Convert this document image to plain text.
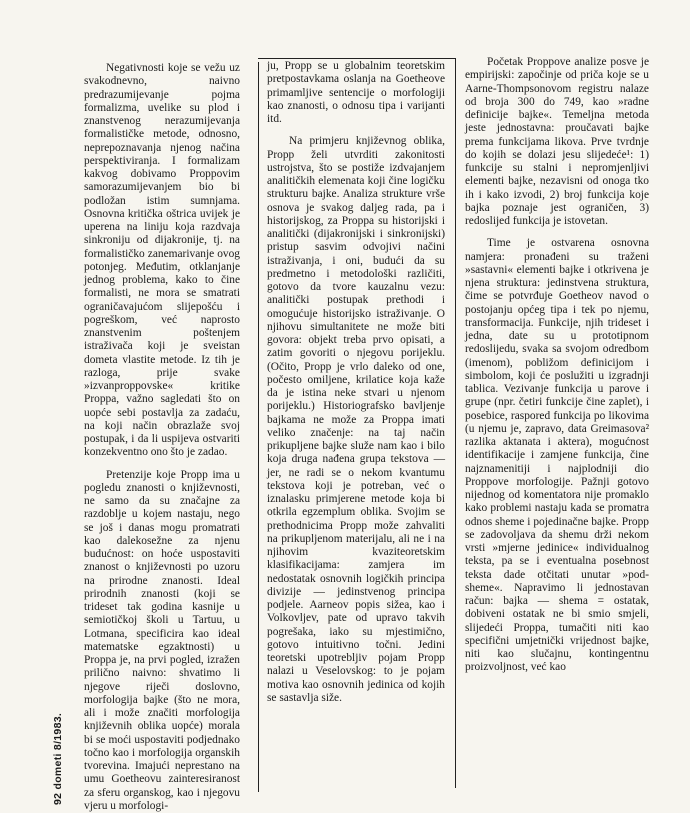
92 dometi 8/1983.

Negativnosti koje se vežu uz svakodnevno, naivno predrazumijevanje pojma formalizma, uvelike su plod i znanstvenog nerazumijevanja formalističke metode, odnosno, neprepoznavanja njenog načina perspektiviranja. I formalizam kakvog dobivamo Proppovim samorazumijevanjem bio bi podložan istim sumnjama. Osnovna kritička oštrica uvijek je uperena na liniju koja razdvaja sinkroniju od dijakronije, tj. na formalističko zanemarivanje ovog potonjeg. Međutim, otklanjanje jednog problema, kako to čine formalisti, ne mora se smatrati ograničavajućom slijepošću i pogreškom, već naprosto znanstvenim poštenjem istraživača koji je sveistan dometa vlastite metode. Iz tih je razloga, prije svake »izvanproppovske« kritike Proppa, važno sagledati što on uopće sebi postavlja za zadaću, na koji način obrazlaže svoj postupak, i da li uspijeva ostvariti konzekventno ono što je zadao.

Pretenzije koje Propp ima u pogledu znanosti o književnosti, ne samo da su značajne za razdoblje u kojem nastaju, nego se još i danas mogu promatrati kao dalekosežne za njenu budućnost: on hoće uspostaviti znanost o književnosti po uzoru na prirodne znanosti. Ideal prirodnih znanosti (koji se trideset tak godina kasnije u semiotičkoj školi u Tartuu, u Lotmana, specificira kao ideal matematske egzaktnosti) u Proppa je, na prvi pogled, izražen prilično naivno: shvatimo li njegove riječi doslovno, morfologija bajke (što ne mora, ali i može značiti morfologija književnih oblika uopće) morala bi se moći uspostaviti podjednako točno kao i morfologija organskih tvorevina. Imajući neprestano na umu Goetheovu zainteresiranost za sferu organskog, kao i njegovu vjeru u morfologi-

ju, Propp se u globalnim teoretskim pretpostavkama oslanja na Goetheove primamljive sentencije o morfologiji kao znanosti, o odnosu tipa i varijanti itd.

Na primjeru književnog oblika, Propp želi utvrditi zakonitosti ustrojstva, što se postiže izdvajanjem analitičkih elemenata koji čine logičku strukturu bajke. Analiza strukture vrše osnova je svakog daljeg rada, pa i historijskog, za Proppa su historijski i analitički (dijakronijski i sinkronijski) pristup sasvim odvojivi načini istraživanja, i oni, budući da su predmetno i metodološki različiti, gotovo da tvore kauzalnu vezu: analitički postupak prethodi i omogućuje historijsko istraživanje. O njihovu simultanitete ne može biti govora: objekt treba prvo opisati, a zatim govoriti o njegovu porijeklu. (Očito, Propp je vrlo daleko od one, počesto omiljene, krilatice koja kaže da je istina neke stvari u njenom porijeklu.) Historiografsko bavljenje bajkama ne može za Proppa imati veliko značenje: na taj način prikupljene bajke služe nam kao i bilo koja druga nađena grupa tekstova — jer, ne radi se o nekom kvantumu tekstova koji je potreban, već o iznalasku primjerene metode koja bi otkrila egzemplum oblika. Svojim se prethodnicima Propp može zahvaliti na prikupljenom materijalu, ali ne i na njihovim kvaziteoretskim klasifikacijama: zamjera im nedostatak osnovnih logičkih principa divizije — jedinstvenog principa podjele. Aarneov popis sižea, kao i Volkovljev, pate od upravo takvih pogrešaka, iako su mjestimično, gotovo intuitivno točni. Jedini teoretski upotrebljiv pojam Propp nalazi u Veselovskog: to je pojam motiva kao osnovnih jedinica od kojih se sastavlja siže.

Početak Proppove analize posve je empirijski: započinje od priča koje se u Aarne-Thompsonovom registru nalaze od broja 300 do 749, kao »radne definicije bajke«. Temeljna metoda jeste jednostavna: proučavati bajke prema funkcijama likova. Prve tvrdnje do kojih se dolazi jesu slijedeće¹: 1) funkcije su stalni i nepromjenljivi elementi bajke, nezavisni od onoga tko ih i kako izvodi, 2) broj funkcija koje bajka poznaje jest ograničen, 3) redoslijed funkcija je istovetan.

Time je ostvarena osnovna namjera: pronađeni su traženi »sastavni« elementi bajke i otkrivena je njena struktura: jedinstvena struktura, čime se potvrđuje Goetheov navod o postojanju općeg tipa i tek po njemu, transformacija. Funkcije, njih trideset i jedna, date su u prototipnom redoslijedu, svaka sa svojom odredbom (imenom), pobližom definicijom i simbolom, koji će poslužiti u izgradnji tablica. Vezivanje funkcija u parove i grupe (npr. četiri funkcije čine zaplet), i posebice, raspored funkcija po likovima (u njemu je, zapravo, data Greimasova² razlika aktanata i aktera), mogućnost identifikacije i zamjene funkcija, čine najznamenitiji i najplodniji dio Proppove morfologije. Pažnji gotovo nijednog od komentatora nije promaklo kako problemi nastaju kada se promatra odnos sheme i pojedinačne bajke. Propp se zadovoljava da shemu drži nekom vrsti »mjerne jedinice« individualnog teksta, pa se i eventualna posebnost teksta dade otčitati unutar »pod-sheme«. Napravimo li jednostavan račun: bajka — shema = ostatak, dobiveni ostatak ne bi smio smjeli, slijedeći Proppa, tumačiti niti kao specifični umjetnički vrijednost bajke, niti kao slučajnu, kontingentnu proizvoljnost, već kao
